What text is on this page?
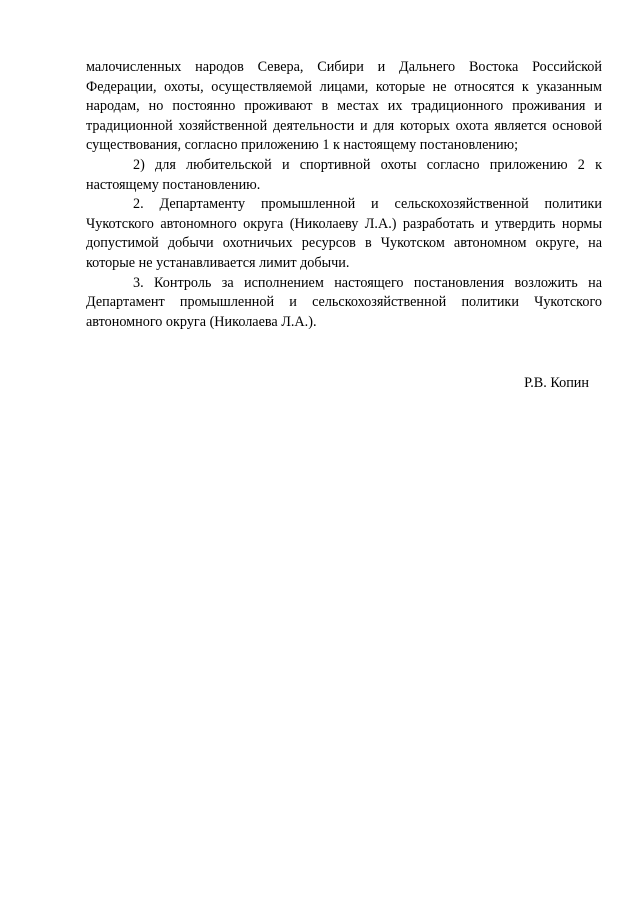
малочисленных народов Севера, Сибири и Дальнего Востока Российской Федерации, охоты, осуществляемой лицами, которые не относятся к указанным народам, но постоянно проживают в местах их традиционного проживания и традиционной хозяйственной деятельности и для которых охота является основой существования, согласно приложению 1 к настоящему постановлению;

2) для любительской и спортивной охоты согласно приложению 2 к настоящему постановлению.

2. Департаменту промышленной и сельскохозяйственной политики Чукотского автономного округа (Николаеву Л.А.) разработать и утвердить нормы допустимой добычи охотничьих ресурсов в Чукотском автономном округе, на которые не устанавливается лимит добычи.

3. Контроль за исполнением настоящего постановления возложить на Департамент промышленной и сельскохозяйственной политики Чукотского автономного округа (Николаева Л.А.).

Р.В. Копин
